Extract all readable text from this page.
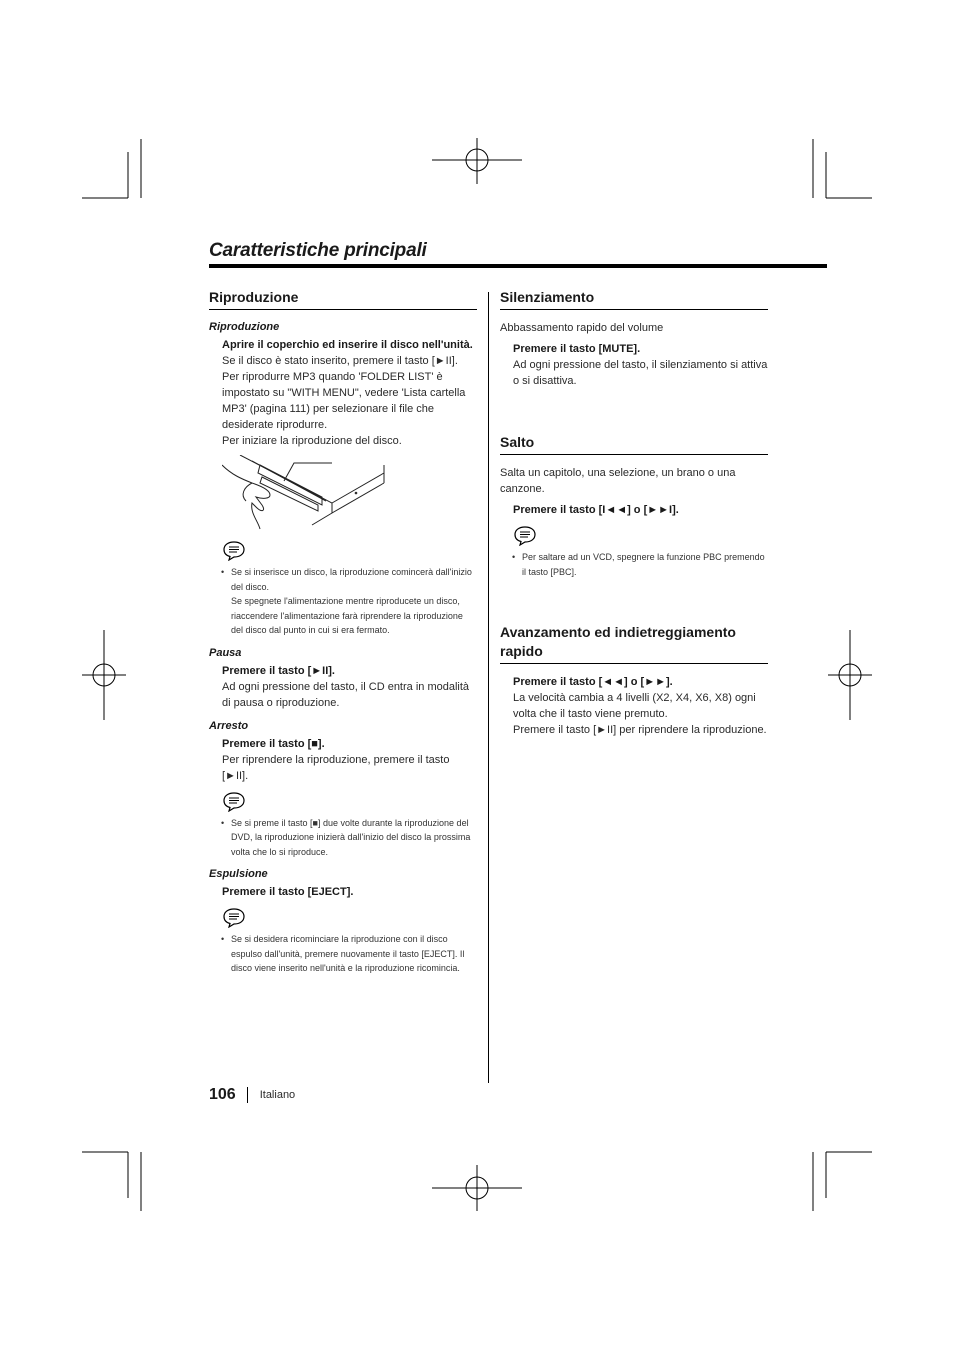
Caratteristiche principali
Riproduzione
Riproduzione

Aprire il coperchio ed inserire il disco nell'unità.

Se il disco è stato inserito, premere il tasto [►II].

Per riprodurre MP3 quando 'FOLDER LIST' è impostato su "WITH MENU", vedere 'Lista cartella MP3' (pagina 111) per selezionare il file che desiderate riprodurre.

Per iniziare la riproduzione del disco.

• Se si inserisce un disco, la riproduzione comincerà dall'inizio del disco.

Se spegnete l'alimentazione mentre riproducete un disco, riaccendere l'alimentazione farà riprendere la riproduzione del disco dal punto in cui si era fermato.

Pausa

Premere il tasto [►II].

Ad ogni pressione del tasto, il CD entra in modalità di pausa o riproduzione.

Arresto

Premere il tasto [■].

Per riprendere la riproduzione, premere il tasto [►II].

• Se si preme il tasto [■] due volte durante la riproduzione del DVD, la riproduzione inizierà dall'inizio del disco la prossima volta che lo si riproduce.

Espulsione

Premere il tasto [EJECT].

• Se si desidera ricominciare la riproduzione con il disco espulso dall'unità, premere nuovamente il tasto [EJECT]. Il disco viene inserito nell'unità e la riproduzione ricomincia.

Silenziamento

Abbassamento rapido del volume

Premere il tasto [MUTE].

Ad ogni pressione del tasto, il silenziamento si attiva o si disattiva.

Salto

Salta un capitolo, una selezione, un brano o una canzone.

Premere il tasto [I◄◄] o [►►I].

• Per saltare ad un VCD, spegnere la funzione PBC premendo il tasto [PBC].

Avanzamento ed indietreggiamento rapido

Premere il tasto [◄◄] o [►►].

La velocità cambia a 4 livelli (X2, X4, X6, X8) ogni volta che il tasto viene premuto.

Premere il tasto [►II] per riprendere la riproduzione.

106 Italiano
